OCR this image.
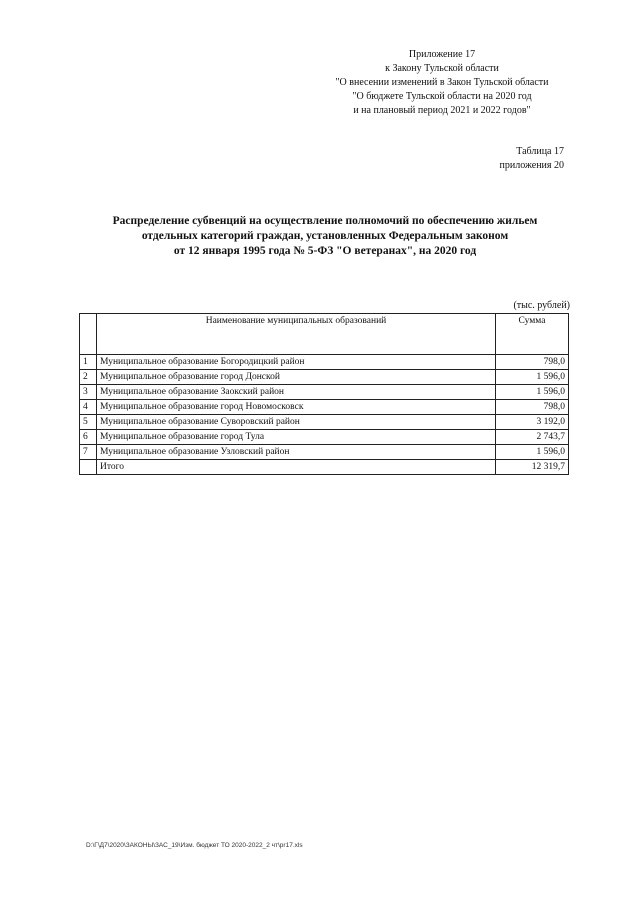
Приложение 17
к Закону Тульской области
"О внесении изменений в Закон Тульской области
"О бюджете Тульской области на 2020 год
и на плановый период 2021 и 2022 годов"
Таблица 17
приложения 20
Распределение субвенций на осуществление полномочий по обеспечению жильем
отдельных категорий граждан, установленных Федеральным законом
от 12 января 1995 года № 5-ФЗ "О ветеранах", на 2020 год
(тыс. рублей)
	Наименование муниципальных образований	Сумма
1	Муниципальное образование Богородицкий район	798,0
2	Муниципальное образование город Донской	1 596,0
3	Муниципальное образование Заокский район	1 596,0
4	Муниципальное образование город Новомосковск	798,0
5	Муниципальное образование Суворовский район	3 192,0
6	Муниципальное образование город Тула	2 743,7
7	Муниципальное образование Узловский район	1 596,0
	Итого	12 319,7
D:\Г\Д7\2020\ЗАКОНЫ\ЗАС_19\Изм. бюджет ТО 2020-2022_2 чт\pr17.xls
